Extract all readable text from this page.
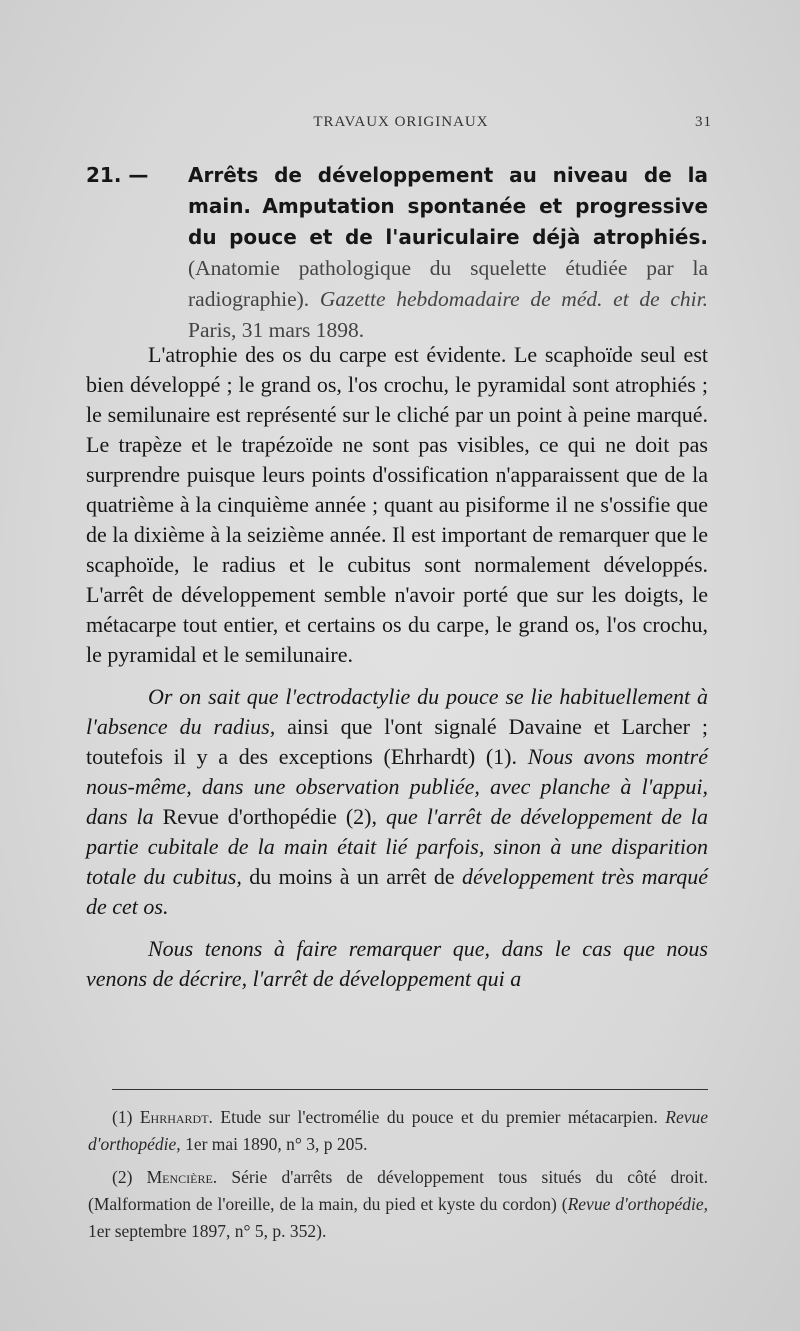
TRAVAUX ORIGINAUX	31
21. — Arrêts de développement au niveau de la main. Amputation spontanée et progressive du pouce et de l'auriculaire déjà atrophiés. (Anatomie pathologique du squelette étudiée par la radiographie). Gazette hebdomadaire de méd. et de chir. Paris, 31 mars 1898.

L'atrophie des os du carpe est évidente. Le scaphoïde seul est bien développé ; le grand os, l'os crochu, le pyramidal sont atrophiés ; le semilunaire est représenté sur le cliché par un point à peine marqué. Le trapèze et le trapézoïde ne sont pas visibles, ce qui ne doit pas surprendre puisque leurs points d'ossification n'apparaissent que de la quatrième à la cinquième année ; quant au pisiforme il ne s'ossifie que de la dixième à la seizième année. Il est important de remarquer que le scaphoïde, le radius et le cubitus sont normalement développés. L'arrêt de développement semble n'avoir porté que sur les doigts, le métacarpe tout entier, et certains os du carpe, le grand os, l'os crochu, le pyramidal et le semilunaire.

Or on sait que l'ectrodactylie du pouce se lie habituellement à l'absence du radius, ainsi que l'ont signalé Davaine et Larcher ; toutefois il y a des exceptions (Ehrhardt) (1). Nous avons montré nous-même, dans une observation publiée, avec planche à l'appui, dans la Revue d'orthopédie (2), que l'arrêt de développement de la partie cubitale de la main était lié parfois, sinon à une disparition totale du cubitus, du moins à un arrêt de développement très marqué de cet os.

Nous tenons à faire remarquer que, dans le cas que nous venons de décrire, l'arrêt de développement qui a

(1) Ehrhardt. Etude sur l'ectromélie du pouce et du premier métacarpien. Revue d'orthopédie, 1er mai 1890, n° 3, p 205.

(2) Mencière. Série d'arrêts de développement tous situés du côté droit. (Malformation de l'oreille, de la main, du pied et kyste du cordon) (Revue d'orthopédie, 1er septembre 1897, n° 5, p. 352).
